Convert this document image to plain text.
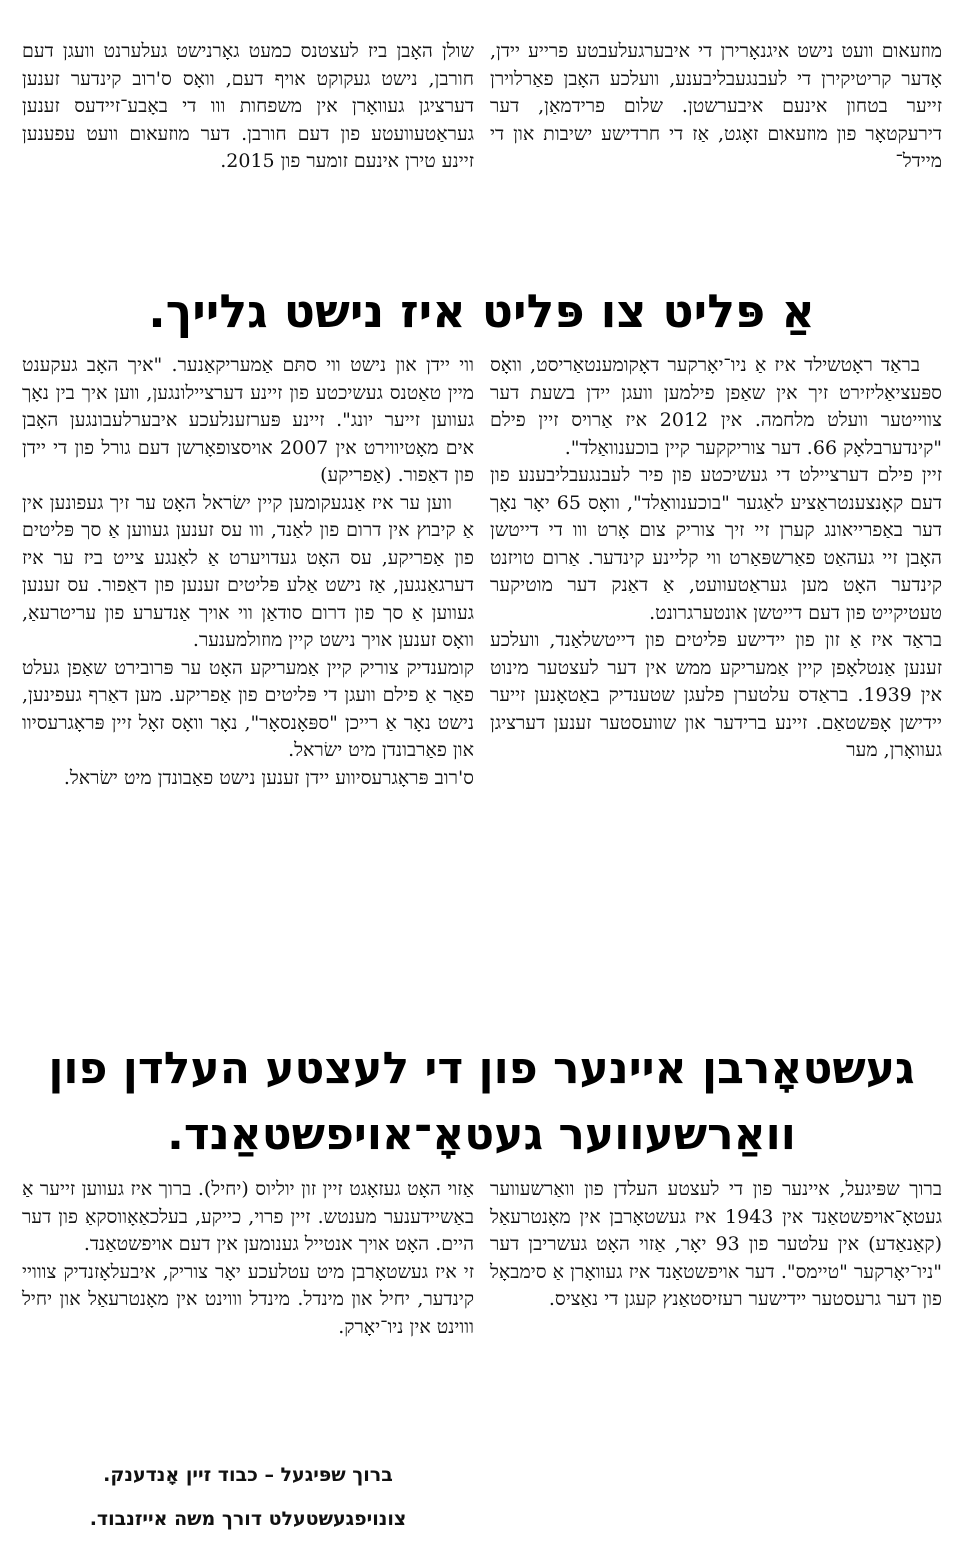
מוזעאום וועט נישט איגנאָרירן די איבערגעלעבטע פרייע יידן, אָדער קריטיקירן די לעבנגעבליבענע, וועלכע האָבן פאַרלוירן זייער בטחון אינעם איבערשטן. שלום פרידמאַן, דער דירעקטאָר פון מוזעאום זאָגט, אַז די חרדישע ישיבות און די מיידל־

שולן האָבן ביז לעצטנס כמעט גאָרנישט געלערנט וועגן דעם חורבן, נישט געקוקט אויף דעם, וואָס ס'רוב קינדער זענען דערציגן געוואָרן אין משפחות ווו די באָבע־זיידעס זענען געראַטעוועטע פון דעם חורבן. דער מוזעאום וועט עפענען זיינע טירן אינעם זומער פון 2015.

אַ פּליט צו פּליט איז נישט גלייך.

בראַד ראָטשילד איז אַ ניו־יאָרקער דאָקומענטאַריסט, וואָס ספּעציאַליזירט זיך אין שאַפן פילמען וועגן יידן בשעת דער צווייטער וועלט מלחמה. אין 2012 איז אַרויס זיין פילם "קינדערבלאָק 66. דער צוריקקער קיין בוכענוואַלד".

זיין פילם דערציילט די געשיכטע פון פיר לעבנגעבליבענע פון דעם קאָנצענטראַציע לאַגער "בוכענוואַלד", וואָס 65 יאָר נאָך דער באַפרייאונג קערן זיי זיך צוריק צום אָרט ווו די דייטשן האָבן זיי געהאַט פאַרשפּאַרט ווי קליינע קינדער. אַרום טויזנט קינדער האָט מען געראַטעוועט, אַ דאַנק דער מוטיקער טעטיקייט פון דעם דייטשן אונטערגרונט.

בראַד איז אַ זון פון יידישע פּליטים פון דייטשלאַנד, וועלכע זענען אַנטלאָפן קיין אַמעריקע ממש אין דער לעצטער מינוט אין 1939. בראַדס עלטערן פלעגן שטענדיק באַטאָנען זייער יידישן אָפּשטאַם. זיינע ברידער און שוועסטער זענען דערציגן געוואָרן, מער

ווי יידן און נישט ווי סתּם אַמעריקאַנער. "איך האָב געקענט מיין טאַטנס געשיכטע פון זיינע דערציילונגען, ווען איך בין נאָך געווען זייער יונג". זיינע פּערזענלעכע איבערלעבונגען האָבן אים מאָטיווירט אין 2007 אויסצופאָרשן דעם גורל פון די יידן פון דאַפור. (אַפריקע)

ווען ער איז אַנגעקומען קיין ישׂראל האָט ער זיך געפונען אין אַ קיבוץ אין דרום פון לאַנד, ווו עס זענען געווען אַ סך פּליטים פון אַפריקע, עס האָט געדויערט אַ לאַנגע צייט ביז ער איז דערגאַנגען, אַז נישט אַלע פּליטים זענען פון דאַפור. עס זענען געווען אַ סך פון דרום סודאַן ווי אויך אַנדערע פון עריטרעאַ, וואָס זענען אויך נישט קיין מוזולמענער.

קומענדיק צוריק קיין אַמעריקע האָט ער פּרובירט שאַפן געלט פאַר אַ פילם וועגן די פּליטים פון אַפריקע. מען דאַרף געפינען, נישט נאָר אַ רייכן "ספּאָנסאָר", נאָר וואָס זאָל זיין פּראָגרעסיוו און פאַרבונדן מיט ישׂראל.

ס'רוב פּראָגרעסיווע יידן זענען נישט פאַבונדן מיט ישׂראל.

געשטאָרבן איינער פון די לעצטע העלדן פון וואַרשעווער געטאָ־אויפשטאַנד.

ברוך שפּיגעל, איינער פון די לעצטע העלדן פון וואַרשעווער געטאָ־אויפשטאַנד אין 1943 איז געשטאָרבן אין מאָנטרעאַל (קאַנאַדע) אין עלטער פון 93 יאָר, אַזוי האָט געשריבן דער "ניו־יאָרקער "טיימס". דער אויפשטאַנד איז געוואָרן אַ סימבאָל פון דער גרעסטער יידישער רעזיסטאַנץ קעגן די נאַציס.

אַזוי האָט געזאָגט זיין זון יוליוס (יחיל). ברוך איז געווען זייער אַ באַשיידענער מענטש. זיין פרוי, כייקע, בעלכאַאָווסקאַ פון דער היים. האָט אויך אנטייל גענומען אין דעם אויפשטאַנד.

זי איז געשטאָרבן מיט עטלעכע יאָר צוריק, איבעלאָזנדיק צווויי קינדער, יחיל און מינדל. מינדל וווינט אין מאָנטרעאַל און יחיל וווינט אין ניו־יאָרק.

ברוך שפּיגעל – כבוד זיין אָנדענק.
צונויפגעשטעלט דורך משה אייזנבוד.
